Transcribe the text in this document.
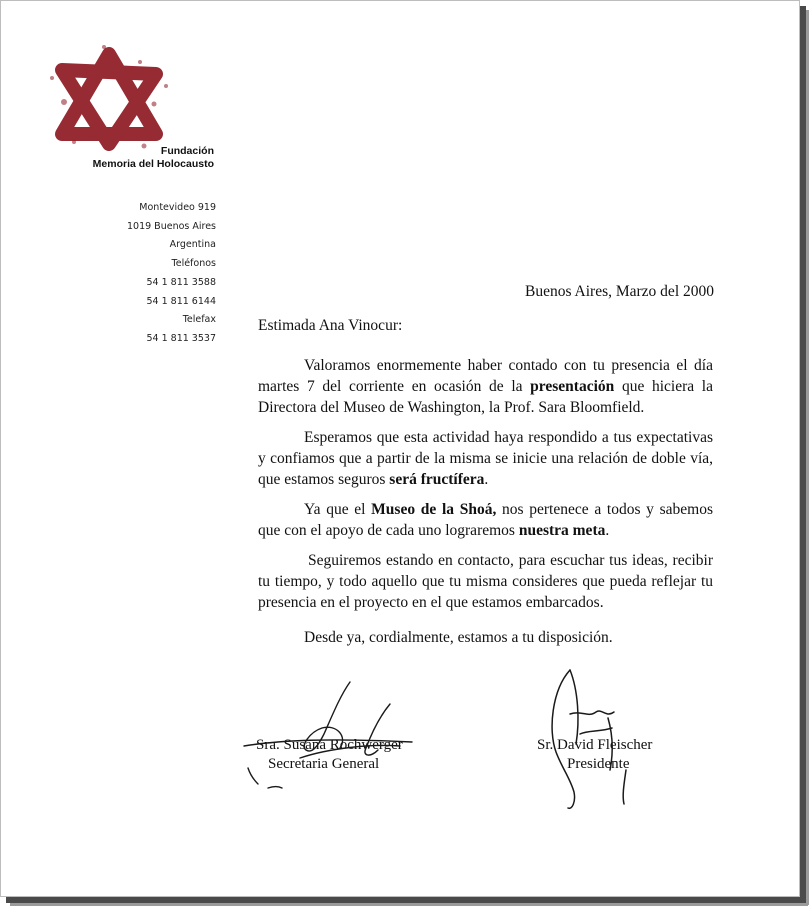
Fundación
Memoria del Holocausto
Montevideo 919
1019 Buenos Aires
Argentina
Teléfonos
54 1 811 3588
54 1 811 6144
Telefax
54 1 811 3537
Buenos Aires, Marzo del 2000
Estimada Ana Vinocur:
Valoramos enormemente haber contado con tu presencia el día martes 7 del corriente en ocasión de la presentación que hiciera la Directora del Museo de Washington, la Prof. Sara Bloomfield.
Esperamos que esta actividad haya respondido a tus expectativas y confiamos que a partir de la misma se inicie una relación de doble vía, que estamos seguros será fructífera.
Ya que el Museo de la Shoá, nos pertenece a todos y sabemos que con el apoyo de cada uno lograremos nuestra meta.
Seguiremos estando en contacto, para escuchar tus ideas, recibir tu tiempo, y todo aquello que tu misma consideres que pueda reflejar tu presencia en el proyecto en el que estamos embarcados.
Desde ya, cordialmente, estamos a tu disposición.
Sra. Susana Rochwerger
Secretaria General
Sr. David Fleischer
Presidente
